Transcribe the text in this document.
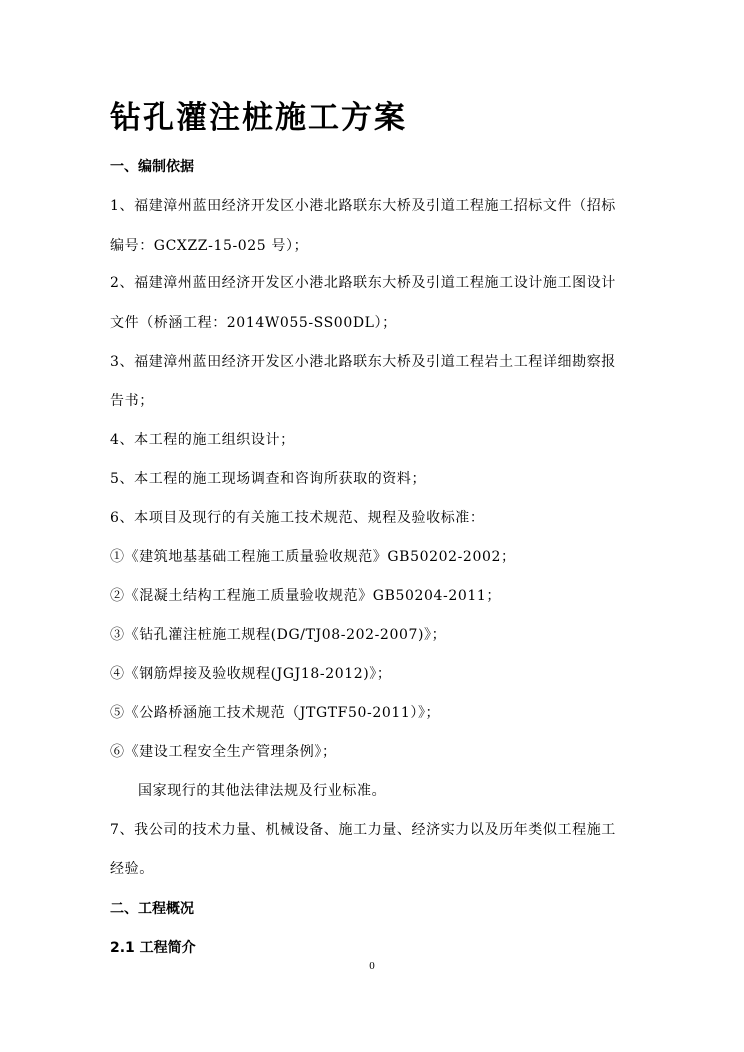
钻孔灌注桩施工方案
一、编制依据
1、福建漳州蓝田经济开发区小港北路联东大桥及引道工程施工招标文件（招标
编号：GCXZZ-15-025 号）；
2、福建漳州蓝田经济开发区小港北路联东大桥及引道工程施工设计施工图设计
文件（桥涵工程：2014W055-SS00DL）；
3、福建漳州蓝田经济开发区小港北路联东大桥及引道工程岩土工程详细勘察报
告书；
4、本工程的施工组织设计；
5、本工程的施工现场调查和咨询所获取的资料；
6、本项目及现行的有关施工技术规范、规程及验收标准：
①《建筑地基基础工程施工质量验收规范》GB50202-2002；
②《混凝土结构工程施工质量验收规范》GB50204-2011；
③《钻孔灌注桩施工规程(DG/TJ08-202-2007)》；
④《钢筋焊接及验收规程(JGJ18-2012)》；
⑤《公路桥涵施工技术规范（JTGTF50-2011）》；
⑥《建设工程安全生产管理条例》；
国家现行的其他法律法规及行业标准。
7、我公司的技术力量、机械设备、施工力量、经济实力以及历年类似工程施工
经验。
二、工程概况
2.1 工程简介
0
